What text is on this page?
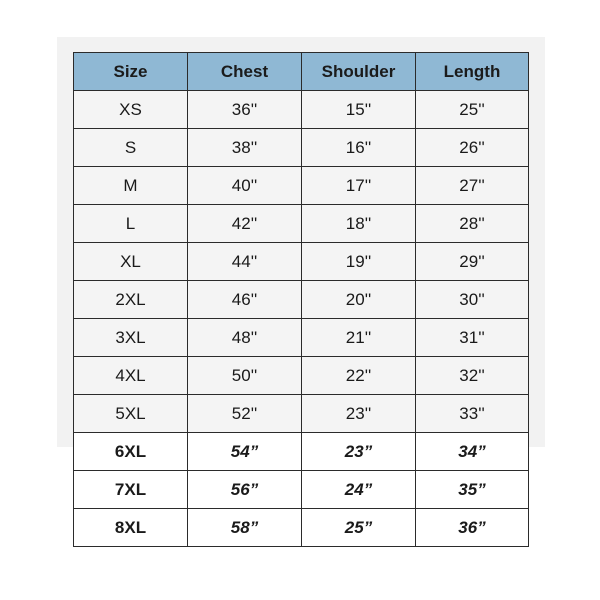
Size	Chest	Shoulder	Length
XS	36''	15''	25''
S	38''	16''	26''
M	40''	17''	27''
L	42''	18''	28''
XL	44''	19''	29''
2XL	46''	20''	30''
3XL	48''	21''	31''
4XL	50''	22''	32''
5XL	52''	23''	33''
6XL	54”	23”	34”
7XL	56”	24”	35”
8XL	58”	25”	36”
